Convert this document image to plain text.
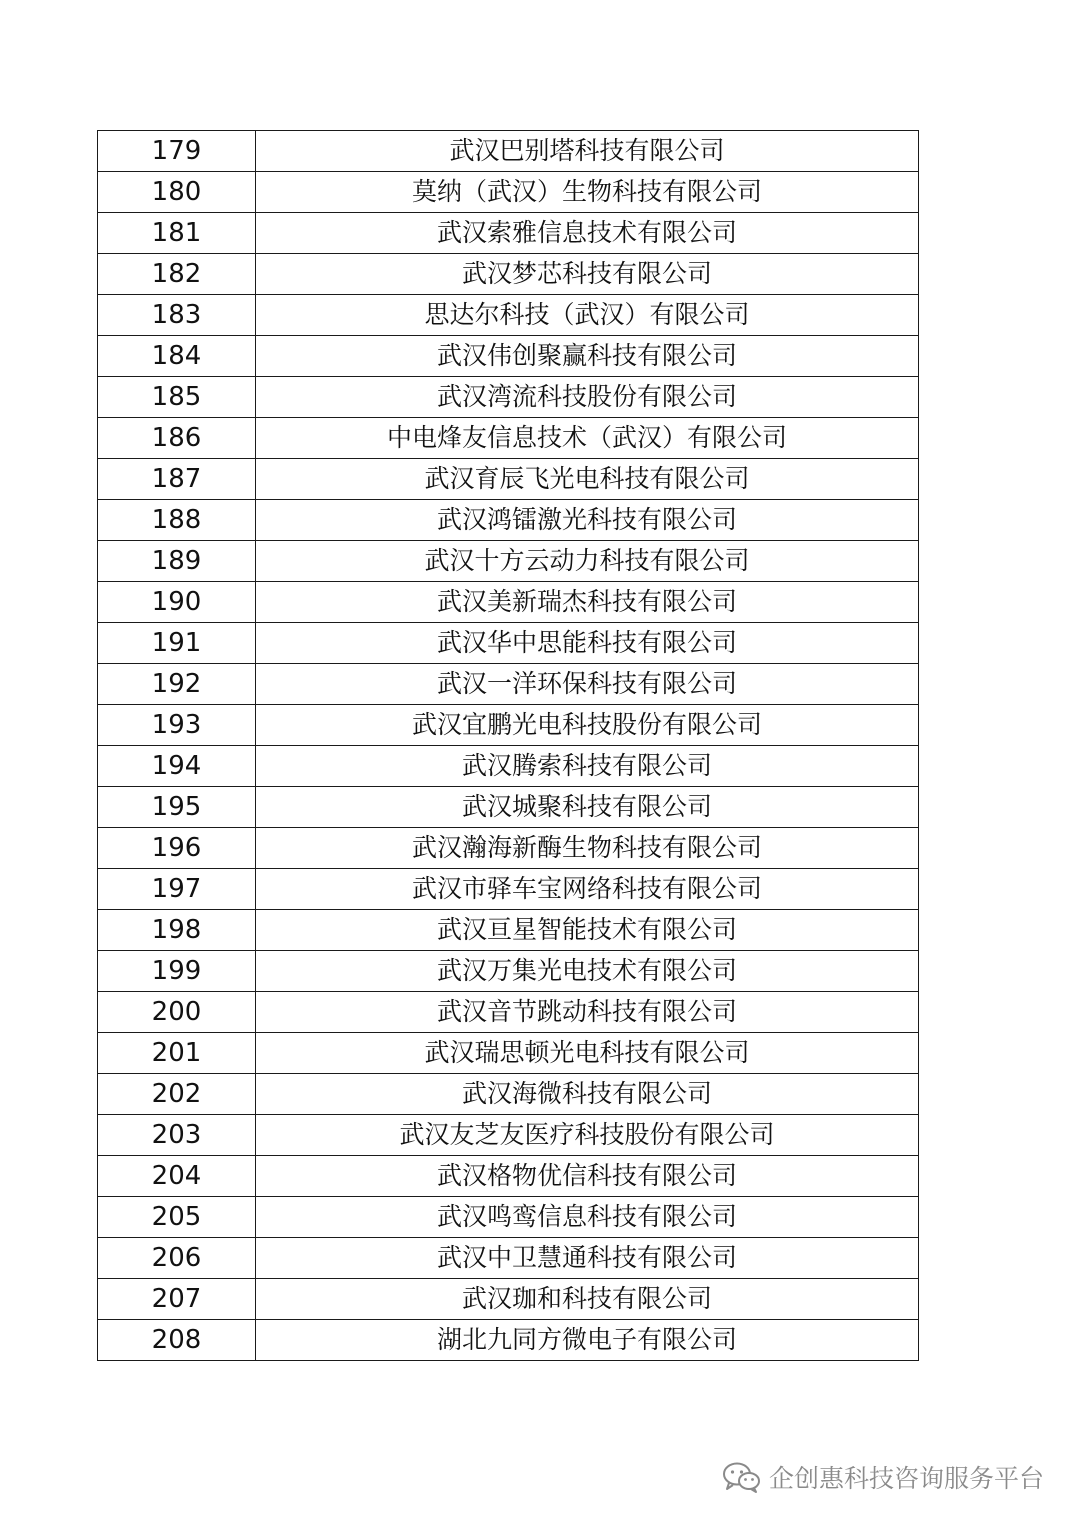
179	武汉巴别塔科技有限公司
180	莫纳（武汉）生物科技有限公司
181	武汉索雅信息技术有限公司
182	武汉梦芯科技有限公司
183	思达尔科技（武汉）有限公司
184	武汉伟创聚赢科技有限公司
185	武汉湾流科技股份有限公司
186	中电烽友信息技术（武汉）有限公司
187	武汉育辰飞光电科技有限公司
188	武汉鸿镭激光科技有限公司
189	武汉十方云动力科技有限公司
190	武汉美新瑞杰科技有限公司
191	武汉华中思能科技有限公司
192	武汉一洋环保科技有限公司
193	武汉宜鹏光电科技股份有限公司
194	武汉腾索科技有限公司
195	武汉城聚科技有限公司
196	武汉瀚海新酶生物科技有限公司
197	武汉市驿车宝网络科技有限公司
198	武汉亘星智能技术有限公司
199	武汉万集光电技术有限公司
200	武汉音节跳动科技有限公司
201	武汉瑞思顿光电科技有限公司
202	武汉海微科技有限公司
203	武汉友芝友医疗科技股份有限公司
204	武汉格物优信科技有限公司
205	武汉鸣鸾信息科技有限公司
206	武汉中卫慧通科技有限公司
207	武汉珈和科技有限公司
208	湖北九同方微电子有限公司
企创惠科技咨询服务平台
